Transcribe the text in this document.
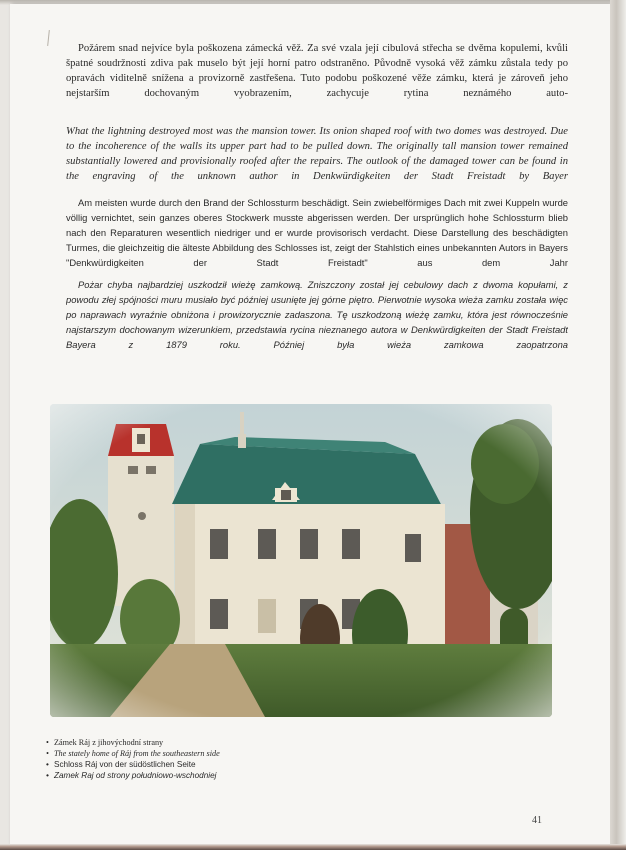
Požárem snad nejvíce byla poškozena zámecká věž. Za své vzala její cibulová střecha se dvěma kopulemi, kvůli špatné soudržnosti zdiva pak muselo být její horní patro odstraněno. Původně vysoká věž zámku zůstala tedy po opravách viditelně snížena a provizorně zastřešena. Tuto podobu poškozené věže zámku, která je zároveň jeho nejstarším dochovaným vyobrazením, zachycuje rytina neznámého auto-

What the lightning destroyed most was the mansion tower. Its onion shaped roof with two domes was destroyed. Due to the incoherence of the walls its upper part had to be pulled down. The originally tall mansion tower remained substantially lowered and provisionally roofed after the repairs. The outlook of the damaged tower can be found in the engraving of the unknown author in Denkwürdigkeiten der Stadt Freistadt by Bayer

Am meisten wurde durch den Brand der Schlossturm beschädigt. Sein zwiebelförmiges Dach mit zwei Kuppeln wurde völlig vernichtet, sein ganzes oberes Stockwerk musste abgerissen werden. Der ursprünglich hohe Schlossturm blieb nach den Reparaturen wesentlich niedriger und er wurde provisorisch verdacht. Diese Darstellung des beschädigten Turmes, die gleichzeitig die älteste Abbildung des Schlosses ist, zeigt der Stahlstich eines unbekannten Autors in Bayers "Denkwürdigkeiten der Stadt Freistadt" aus dem Jahr

Pożar chyba najbardziej uszkodził wieżę zamkową. Zniszczony został jej cebulowy dach z dwoma kopułami, z powodu złej spójności muru musiało być później usunięte jej górne piętro. Pierwotnie wysoka wieża zamku została więc po naprawach wyraźnie obniżona i prowizorycznie zadaszona. Tę uszkodzoną wieżę zamku, która jest równocześnie najstarszym dochowanym wizerunkiem, przedstawia rycina nieznanego autora w Denkwürdigkeiten der Stadt Freistadt Bayera z 1879 roku. Później była wieża zamkowa zaopatrzona

• Zámek Ráj z jihovýchodní strany
• The stately home of Ráj from the southeastern side
• Schloss Ráj von der südöstlichen Seite
• Zamek Raj od strony południowo-wschodniej
41
